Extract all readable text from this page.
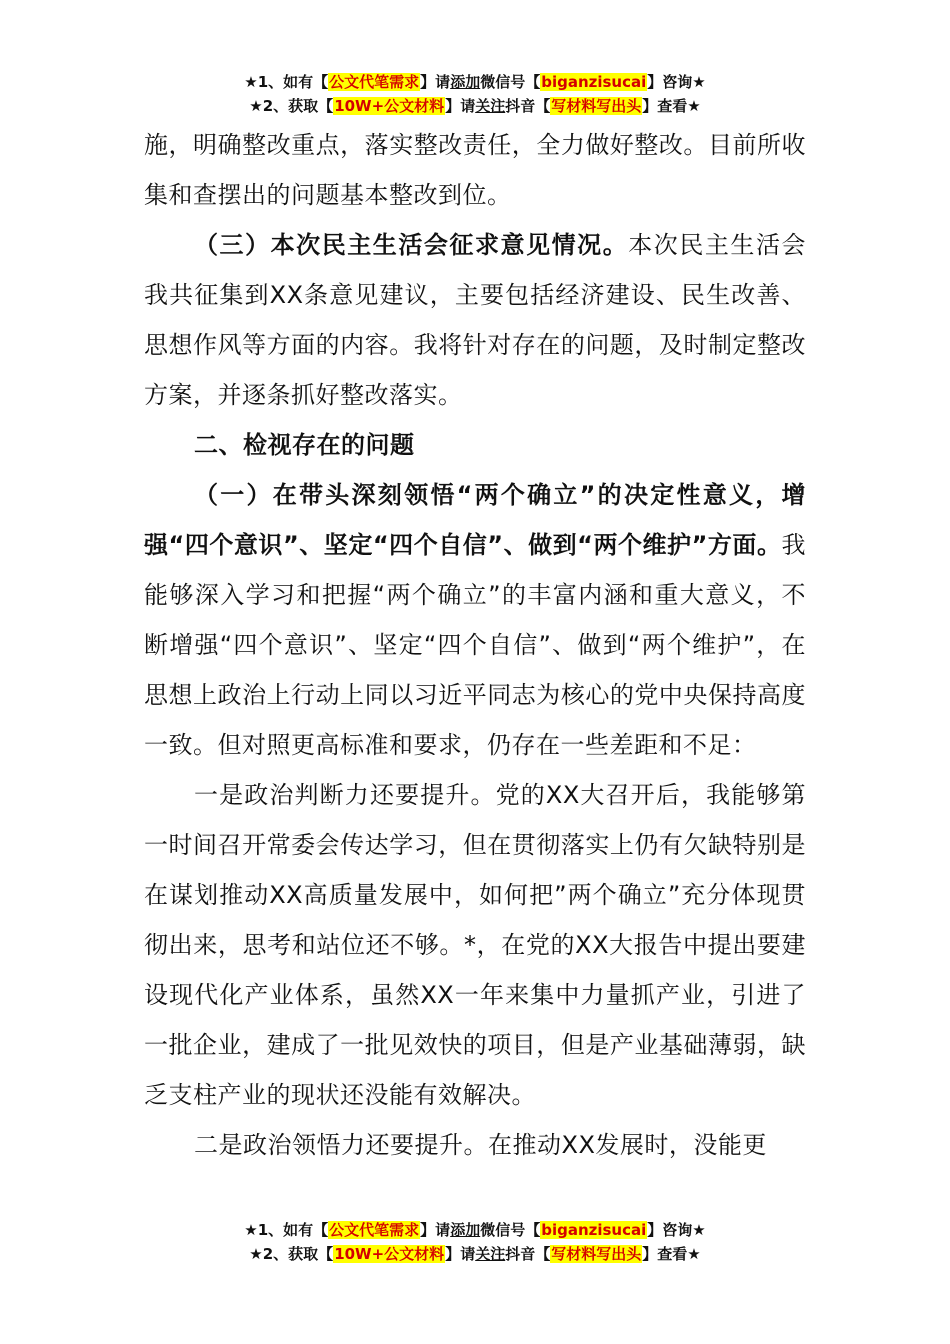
★1、如有【公文代笔需求】请添加微信号【biganzisucai】咨询★
★2、获取【10W+公文材料】请关注抖音【写材料写出头】查看★

施，明确整改重点，落实整改责任，全力做好整改。目前所收集和查摆出的问题基本整改到位。

（三）本次民主生活会征求意见情况。本次民主生活会我共征集到XX条意见建议，主要包括经济建设、民生改善、思想作风等方面的内容。我将针对存在的问题，及时制定整改方案，并逐条抓好整改落实。

二、检视存在的问题

（一）在带头深刻领悟“两个确立”的决定性意义，增强“四个意识”、坚定“四个自信”、做到“两个维护”方面。我能够深入学习和把握“两个确立”的丰富内涵和重大意义，不断增强“四个意识”、坚定“四个自信”、做到“两个维护”，在思想上政治上行动上同以习近平同志为核心的党中央保持高度一致。但对照更高标准和要求，仍存在一些差距和不足：

一是政治判断力还要提升。党的XX大召开后，我能够第一时间召开常委会传达学习，但在贯彻落实上仍有欠缺特别是在谋划推动XX高质量发展中，如何把”两个确立”充分体现贯彻出来，思考和站位还不够。*，在党的XX大报告中提出要建设现代化产业体系，虽然XX一年来集中力量抓产业，引进了一批企业，建成了一批见效快的项目，但是产业基础薄弱，缺乏支柱产业的现状还没能有效解决。

二是政治领悟力还要提升。在推动XX发展时，没能更

★1、如有【公文代笔需求】请添加微信号【biganzisucai】咨询★
★2、获取【10W+公文材料】请关注抖音【写材料写出头】查看★
